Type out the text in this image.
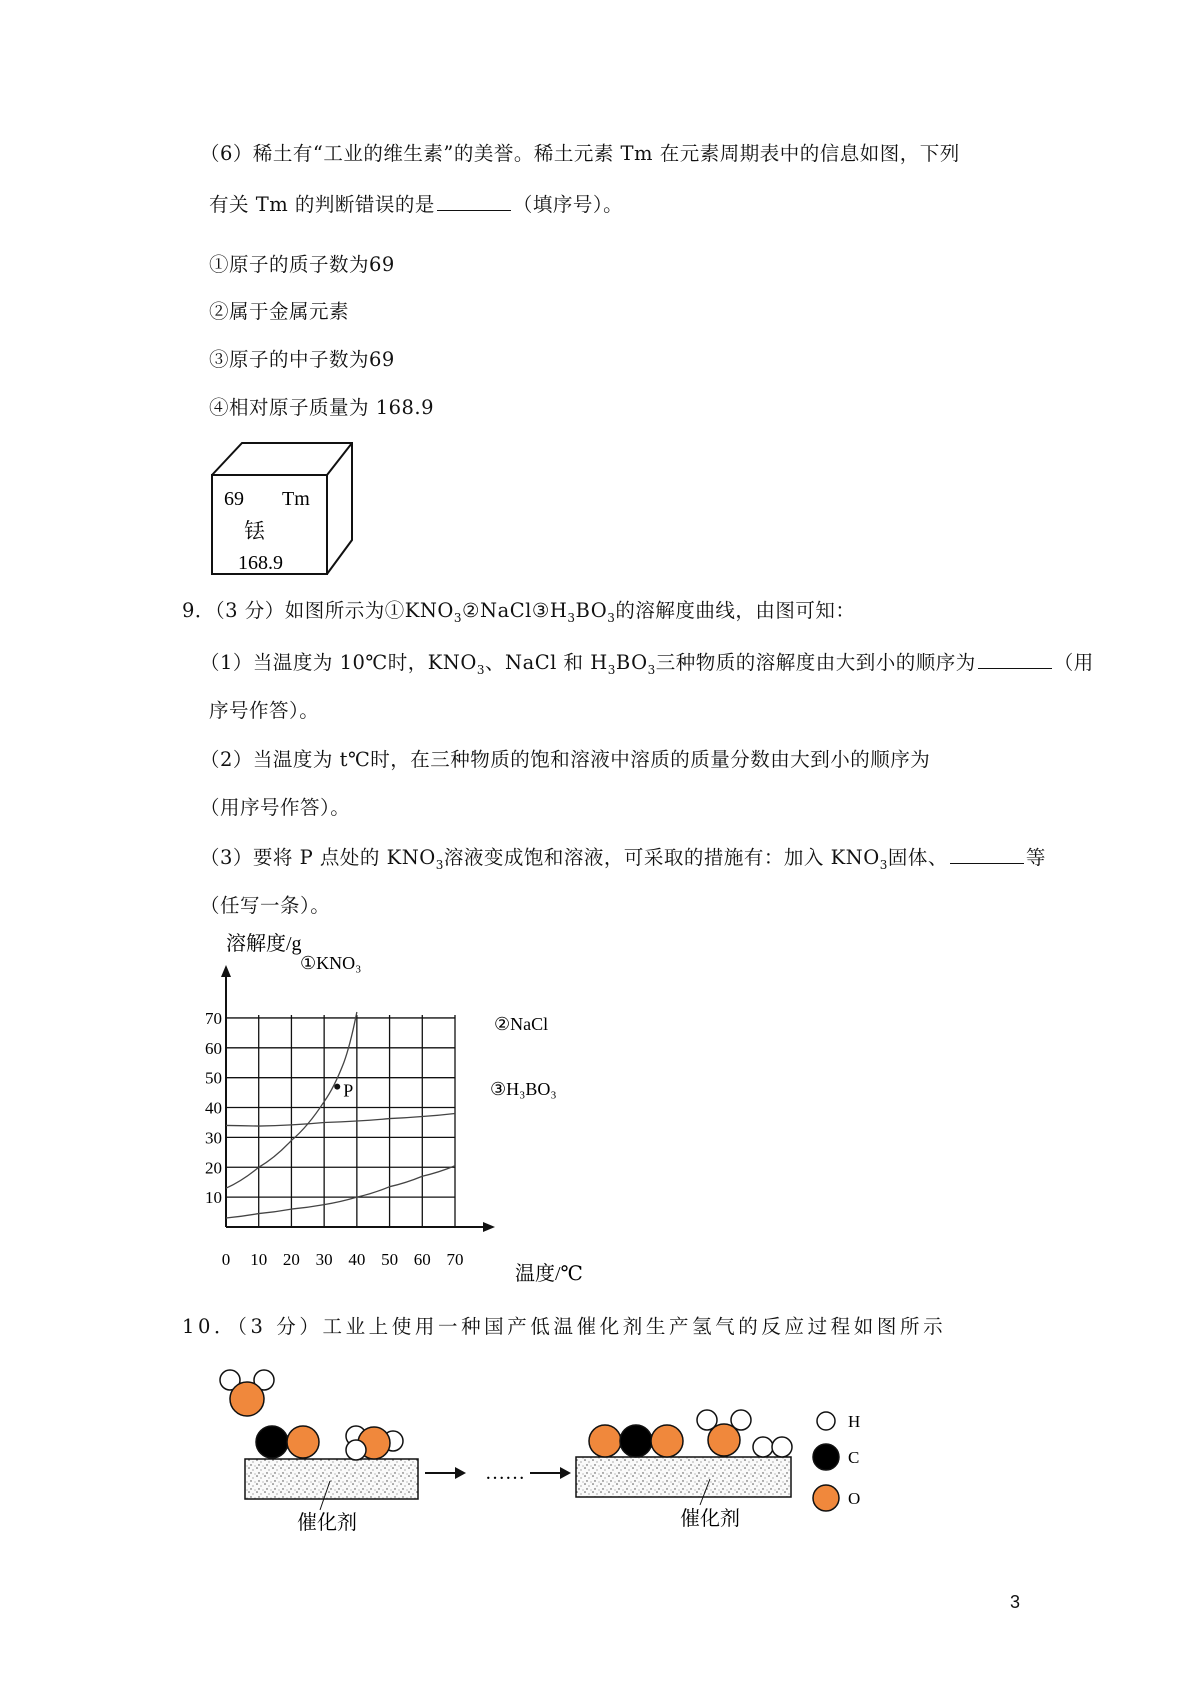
（6）稀土有“工业的维生素”的美誉。稀土元素 Tm 在元素周期表中的信息如图，下列
有关 Tm 的判断错误的是	（填序号）。
①原子的质子数为69
②属于金属元素
③原子的中子数为69
④相对原子质量为 168.9
69 Tm
铥
168.9
9．（3 分）如图所示为$①KNO_3②NaCl③H_3BO_3$的溶解度曲线，由图可知：
（1）当温度为 10℃时，$KNO_3$、NaCl 和 $H_3BO_3$三种物质的溶解度由大到小的顺序为	（用
序号作答）。
（2）当温度为 t℃时，在三种物质的饱和溶液中溶质的质量分数由大到小的顺序为
（用序号作答）。
（3）要将 P 点处的 $KNO_3$溶液变成饱和溶液，可采取的措施有：加入 $KNO_3$固体、	等
（任写一条）。
溶解度/g
温度/℃
0 10 20 30 40 50 60 70
10
20
30
40
50
60
70
①KNO₃
②NaCl
③H₃BO₃
P
10．（3 分）工业上使用一种国产低温催化剂生产氢气的反应过程如图所示
催化剂
……
催化剂
H
C
O
3
